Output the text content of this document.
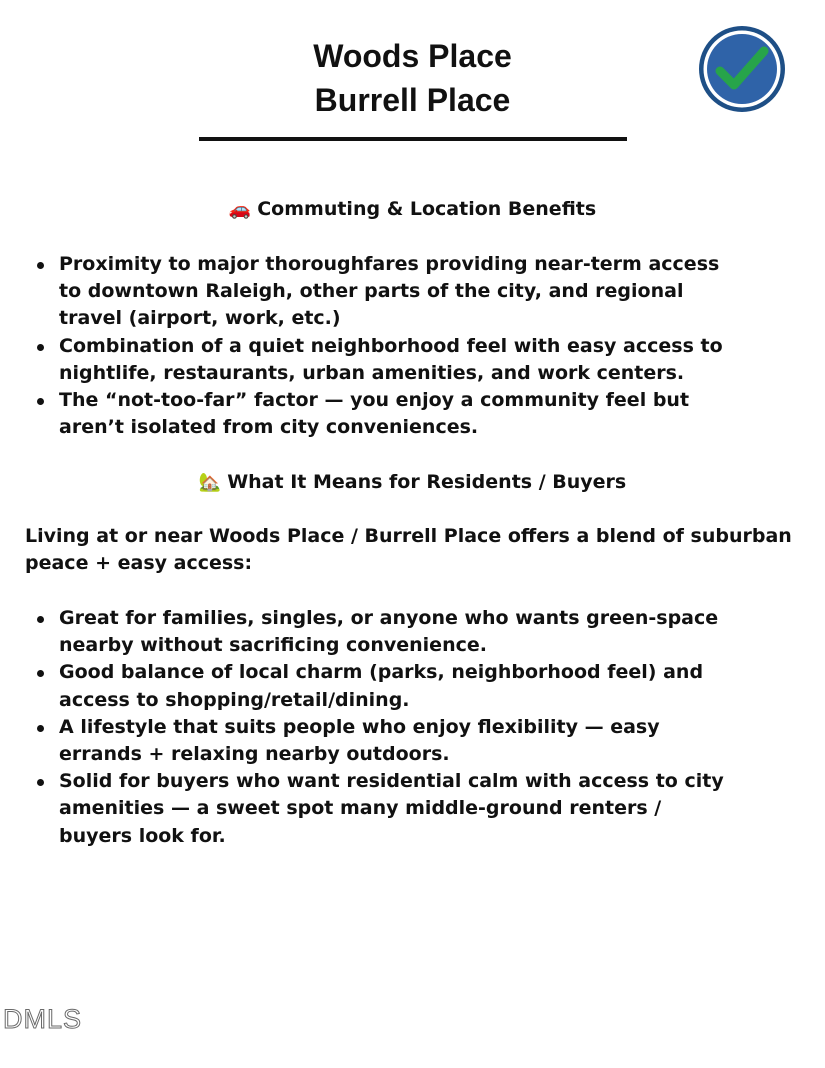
Woods Place
Burrell Place
🚗 Commuting & Location Benefits
Proximity to major thoroughfares providing near-term access to downtown Raleigh, other parts of the city, and regional travel (airport, work, etc.)
Combination of a quiet neighborhood feel with easy access to nightlife, restaurants, urban amenities, and work centers.
The “not-too-far” factor — you enjoy a community feel but aren’t isolated from city conveniences.
🏡 What It Means for Residents / Buyers

Living at or near Woods Place / Burrell Place offers a blend of suburban peace + easy access:

Great for families, singles, or anyone who wants green-space nearby without sacrificing convenience.
Good balance of local charm (parks, neighborhood feel) and access to shopping/retail/dining.
A lifestyle that suits people who enjoy flexibility — easy errands + relaxing nearby outdoors.
Solid for buyers who want residential calm with access to city amenities — a sweet spot many middle-ground renters / buyers look for.

DMLS
